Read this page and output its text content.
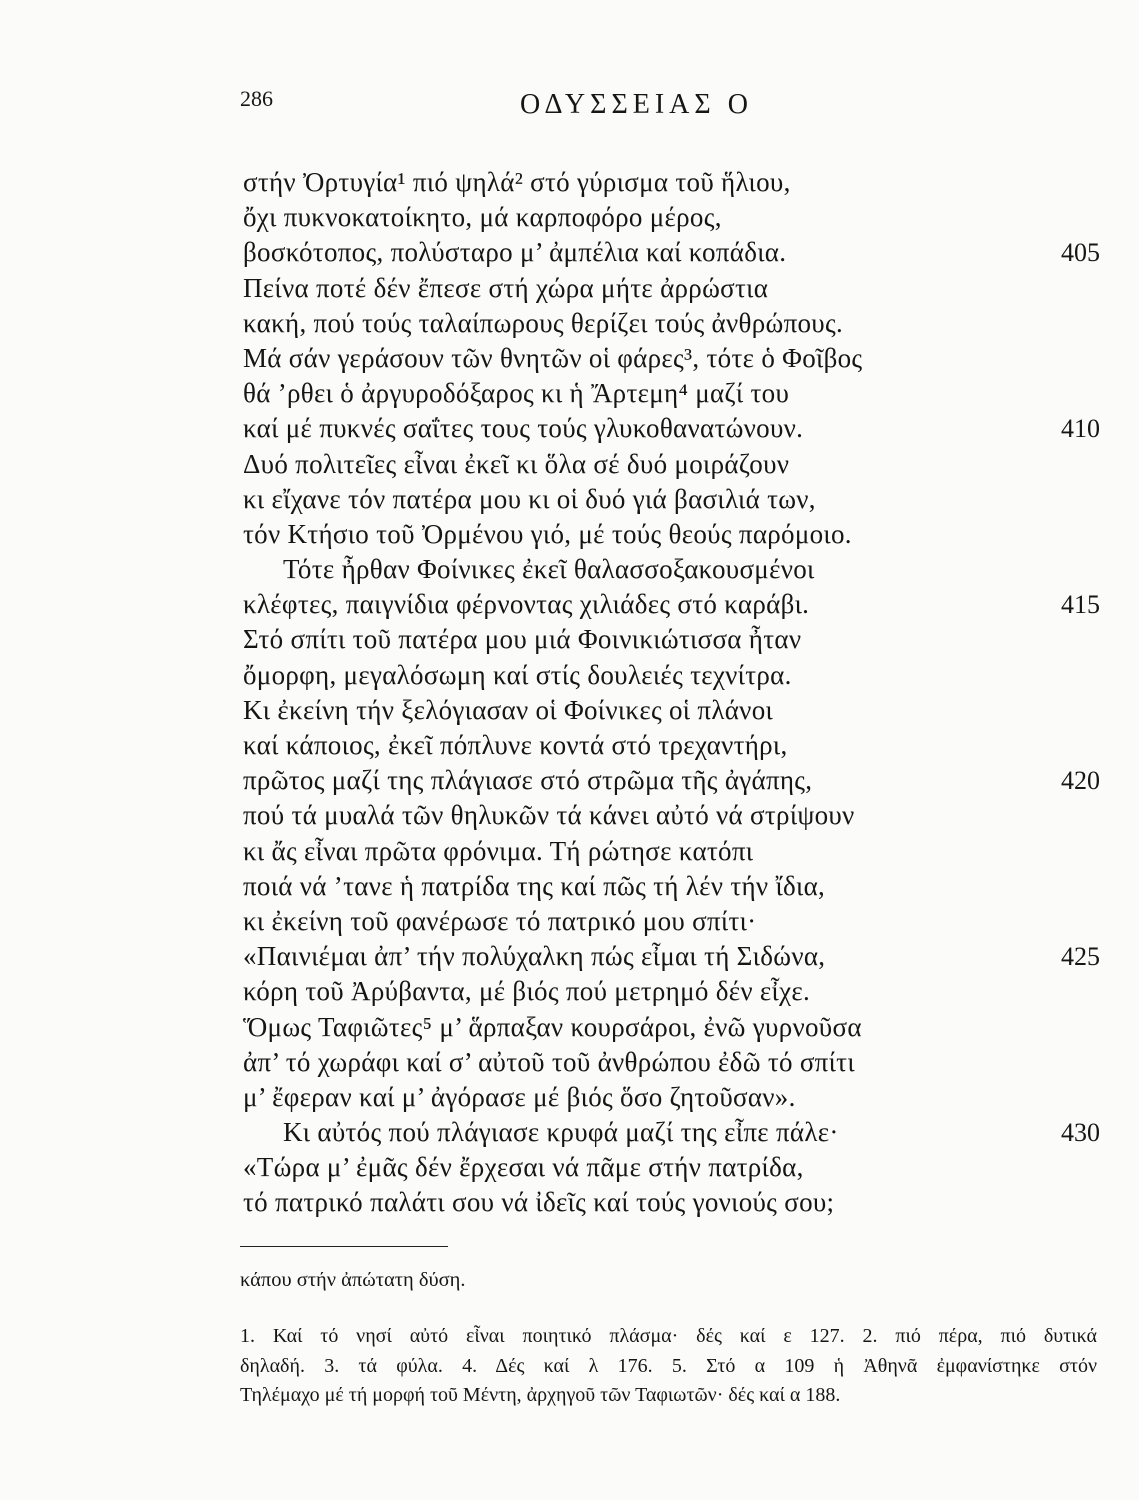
286	ΟΔΥΣΣΕΙΑΣ Ο
στήν Ὀρτυγία¹ πιό ψηλά² στό γύρισμα τοῦ ἥλιου,
ὄχι πυκνοκατοίκητο, μά καρποφόρο μέρος,
βοσκότοπος, πολύσταρο μ’ ἀμπέλια καί κοπάδια.	405
Πείνα ποτέ δέν ἔπεσε στή χώρα μήτε ἀρρώστια
κακή, πού τούς ταλαίπωρους θερίζει τούς ἀνθρώπους.
Μά σάν γεράσουν τῶν θνητῶν οἱ φάρες³, τότε ὁ Φοῖβος
θά ’ρθει ὁ ἀργυροδόξαρος κι ἡ Ἄρτεμη⁴ μαζί του
καί μέ πυκνές σαΐτες τους τούς γλυκοθανατώνουν.	410
Δυό πολιτεῖες εἶναι ἐκεῖ κι ὅλα σέ δυό μοιράζουν
κι εἴχανε τόν πατέρα μου κι οἱ δυό γιά βασιλιά των,
τόν Κτήσιο τοῦ Ὀρμένου γιό, μέ τούς θεούς παρόμοιο.
Τότε ἦρθαν Φοίνικες ἐκεῖ θαλασσοξακουσμένοι
κλέφτες, παιγνίδια φέρνοντας χιλιάδες στό καράβι.	415
Στό σπίτι τοῦ πατέρα μου μιά Φοινικιώτισσα ἦταν
ὄμορφη, μεγαλόσωμη καί στίς δουλειές τεχνίτρα.
Κι ἐκείνη τήν ξελόγιασαν οἱ Φοίνικες οἱ πλάνοι
καί κάποιος, ἐκεῖ πόπλυνε κοντά στό τρεχαντήρι,
πρῶτος μαζί της πλάγιασε στό στρῶμα τῆς ἀγάπης,	420
πού τά μυαλά τῶν θηλυκῶν τά κάνει αὐτό νά στρίψουν
κι ἄς εἶναι πρῶτα φρόνιμα. Τή ρώτησε κατόπι
ποιά νά ’τανε ἡ πατρίδα της καί πῶς τή λέν τήν ἴδια,
κι ἐκείνη τοῦ φανέρωσε τό πατρικό μου σπίτι·
«Παινιέμαι ἀπ’ τήν πολύχαλκη πώς εἶμαι τή Σιδώνα,	425
κόρη τοῦ Ἀρύβαντα, μέ βιός πού μετρημό δέν εἶχε.
Ὅμως Ταφιῶτες⁵ μ’ ἅρπαξαν κουρσάροι, ἐνῶ γυρνοῦσα
ἀπ’ τό χωράφι καί σ’ αὐτοῦ τοῦ ἀνθρώπου ἐδῶ τό σπίτι
μ’ ἔφεραν καί μ’ ἀγόρασε μέ βιός ὅσο ζητοῦσαν».
Κι αὐτός πού πλάγιασε κρυφά μαζί της εἶπε πάλε·	430
«Τώρα μ’ ἐμᾶς δέν ἔρχεσαι νά πᾶμε στήν πατρίδα,
τό πατρικό παλάτι σου νά ἰδεῖς καί τούς γονιούς σου;
κάπου στήν ἀπώτατη δύση.
1. Καί τό νησί αὐτό εἶναι ποιητικό πλάσμα· δές καί ε 127. 2. πιό πέρα, πιό δυτικά
δηλαδή. 3. τά φύλα. 4. Δές καί λ 176. 5. Στό α 109 ἡ Ἀθηνᾶ ἐμφανίστηκε στόν
Τηλέμαχο μέ τή μορφή τοῦ Μέντη, ἀρχηγοῦ τῶν Ταφιωτῶν· δές καί α 188.
